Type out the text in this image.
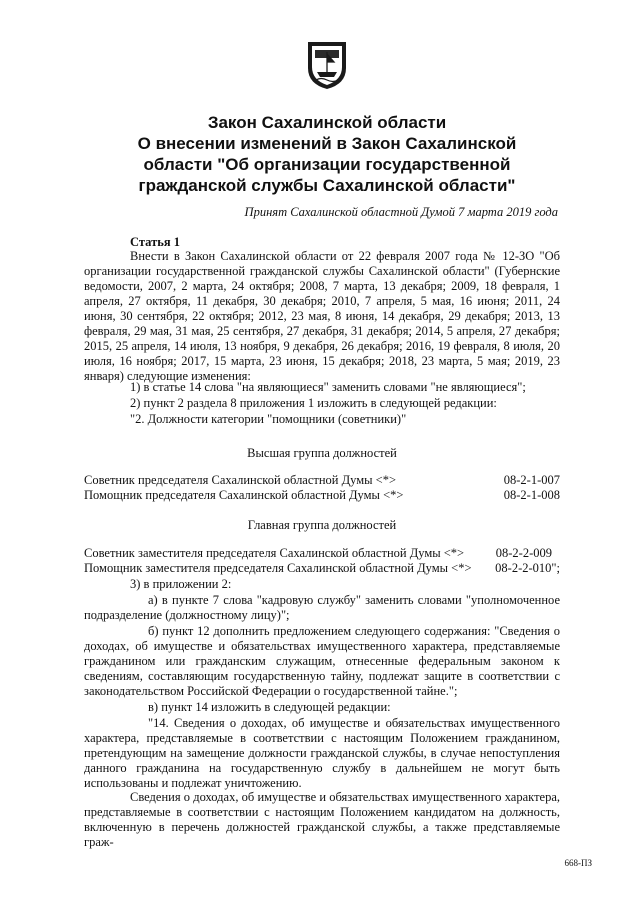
Закон Сахалинской области
О внесении изменений в Закон Сахалинской
области "Об организации государственной
гражданской службы Сахалинской области"

Принят Сахалинской областной Думой 7 марта 2019 года

Статья 1

Внести в Закон Сахалинской области от 22 февраля 2007 года № 12-ЗО "Об организации государственной гражданской службы Сахалинской области" (Губернские ведомости, 2007, 2 марта, 24 октября; 2008, 7 марта, 13 декабря; 2009, 18 февраля, 1 апреля, 27 октября, 11 декабря, 30 декабря; 2010, 7 апреля, 5 мая, 16 июня; 2011, 24 июня, 30 сентября, 22 октября; 2012, 23 мая, 8 июня, 14 декабря, 29 декабря; 2013, 13 февраля, 29 мая, 31 мая, 25 сентября, 27 декабря, 31 декабря; 2014, 5 апреля, 27 декабря; 2015, 25 апреля, 14 июля, 13 ноября, 9 декабря, 26 декабря; 2016, 19 февраля, 8 июля, 20 июля, 16 ноября; 2017, 15 марта, 23 июня, 15 декабря; 2018, 23 марта, 5 мая; 2019, 23 января) следующие изменения:

1) в статье 14 слова "на являющиеся" заменить словами "не являющиеся";

2) пункт 2 раздела 8 приложения 1 изложить в следующей редакции:

"2. Должности категории "помощники (советники)"

Высшая группа должностей

Советник председателя Сахалинской областной Думы <*>	08-2-1-007
Помощник председателя Сахалинской областной Думы <*>	08-2-1-008

Главная группа должностей

Советник заместителя председателя Сахалинской областной Думы <*>	08-2-2-009
Помощник заместителя председателя Сахалинской областной Думы <*> 08-2-2-010";

3) в приложении 2:

а) в пункте 7 слова "кадровую службу" заменить словами "уполномоченное подразделение (должностному лицу)";

б) пункт 12 дополнить предложением следующего содержания: "Сведения о доходах, об имуществе и обязательствах имущественного характера, представляемые гражданином или гражданским служащим, отнесенные федеральным законом к сведениям, составляющим государственную тайну, подлежат защите в соответствии с законодательством Российской Федерации о государственной тайне.";

в) пункт 14 изложить в следующей редакции:

"14. Сведения о доходах, об имуществе и обязательствах имущественного характера, представляемые в соответствии с настоящим Положением гражданином, претендующим на замещение должности гражданской службы, в случае непоступления данного гражданина на государственную службу в дальнейшем не могут быть использованы и подлежат уничтожению.

Сведения о доходах, об имуществе и обязательствах имущественного характера, представляемые в соответствии с настоящим Положением кандидатом на должность, включенную в перечень должностей гражданской службы, а также представляемые граж-

668-ПЗ
